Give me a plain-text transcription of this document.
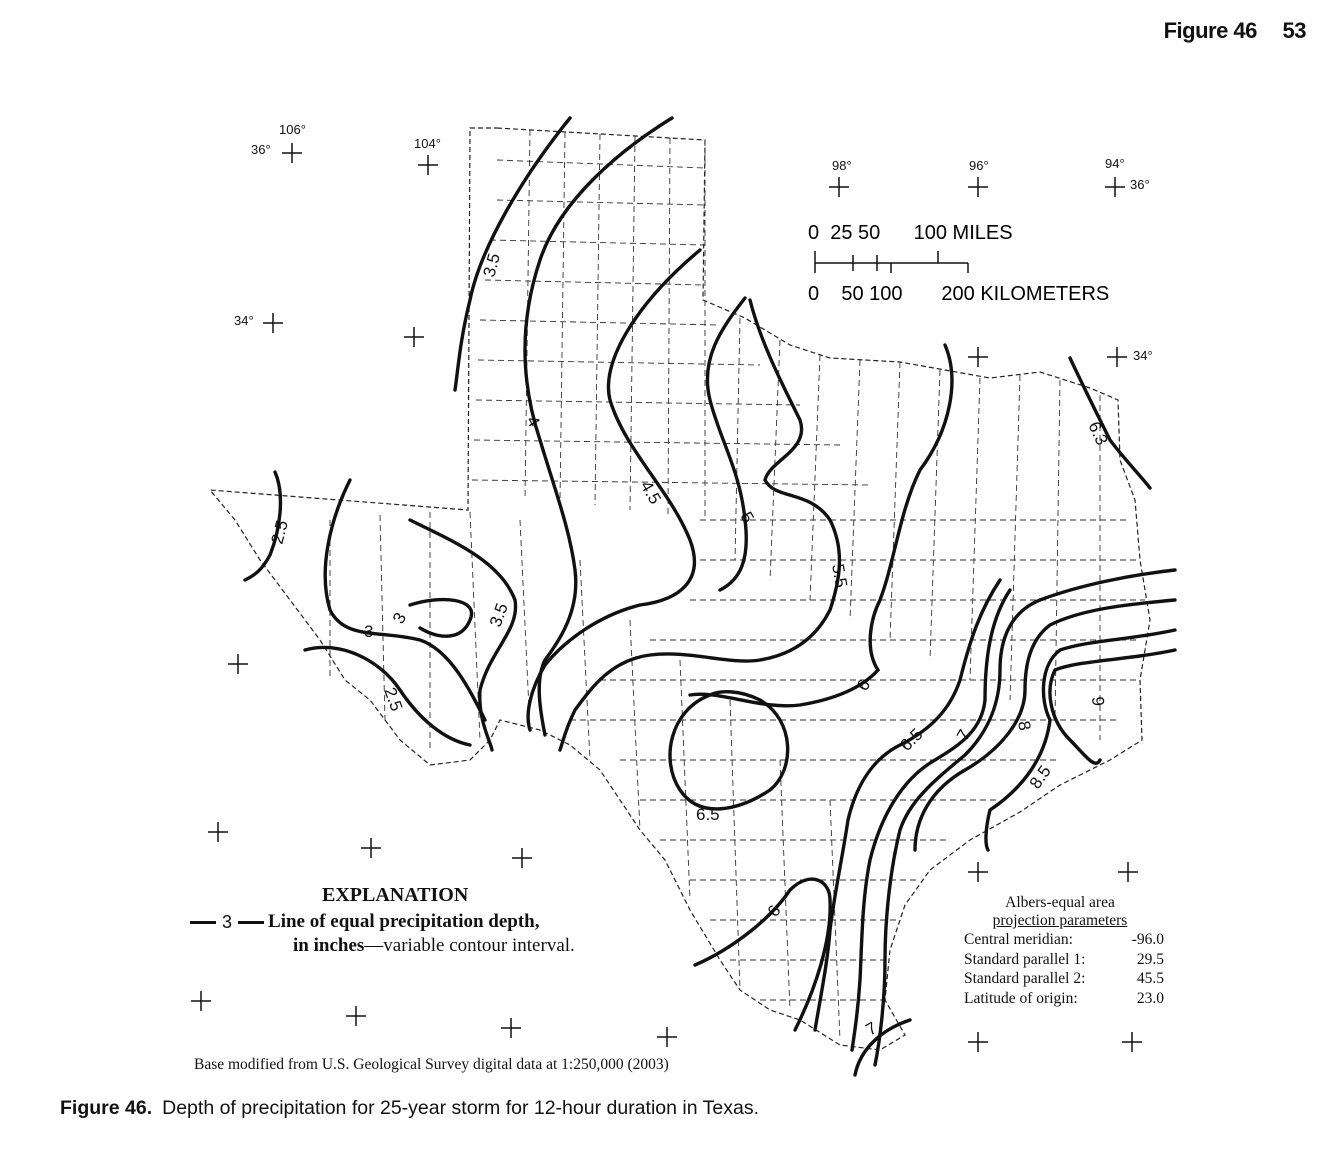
Figure 46 53
2.5
3
3
2.5
3.5
3.5
4
4.5
5
5.5
6
6.5
6.5
6.3
7
8
8.5
9
6
7
106°
36°	104°
98°	96°	94°
36°
34°
34°
0  25 50      100 MILES
0    50 100       200 KILOMETERS
EXPLANATION
3 Line of equal precipitation depth,
in inches—variable contour interval.
Albers-equal area
projection parameters
Central meridian:	-96.0
Standard parallel 1:	29.5
Standard parallel 2:	45.5
Latitude of origin:	23.0
Base modified from U.S. Geological Survey digital data at 1:250,000 (2003)
Figure 46. Depth of precipitation for 25-year storm for 12-hour duration in Texas.
